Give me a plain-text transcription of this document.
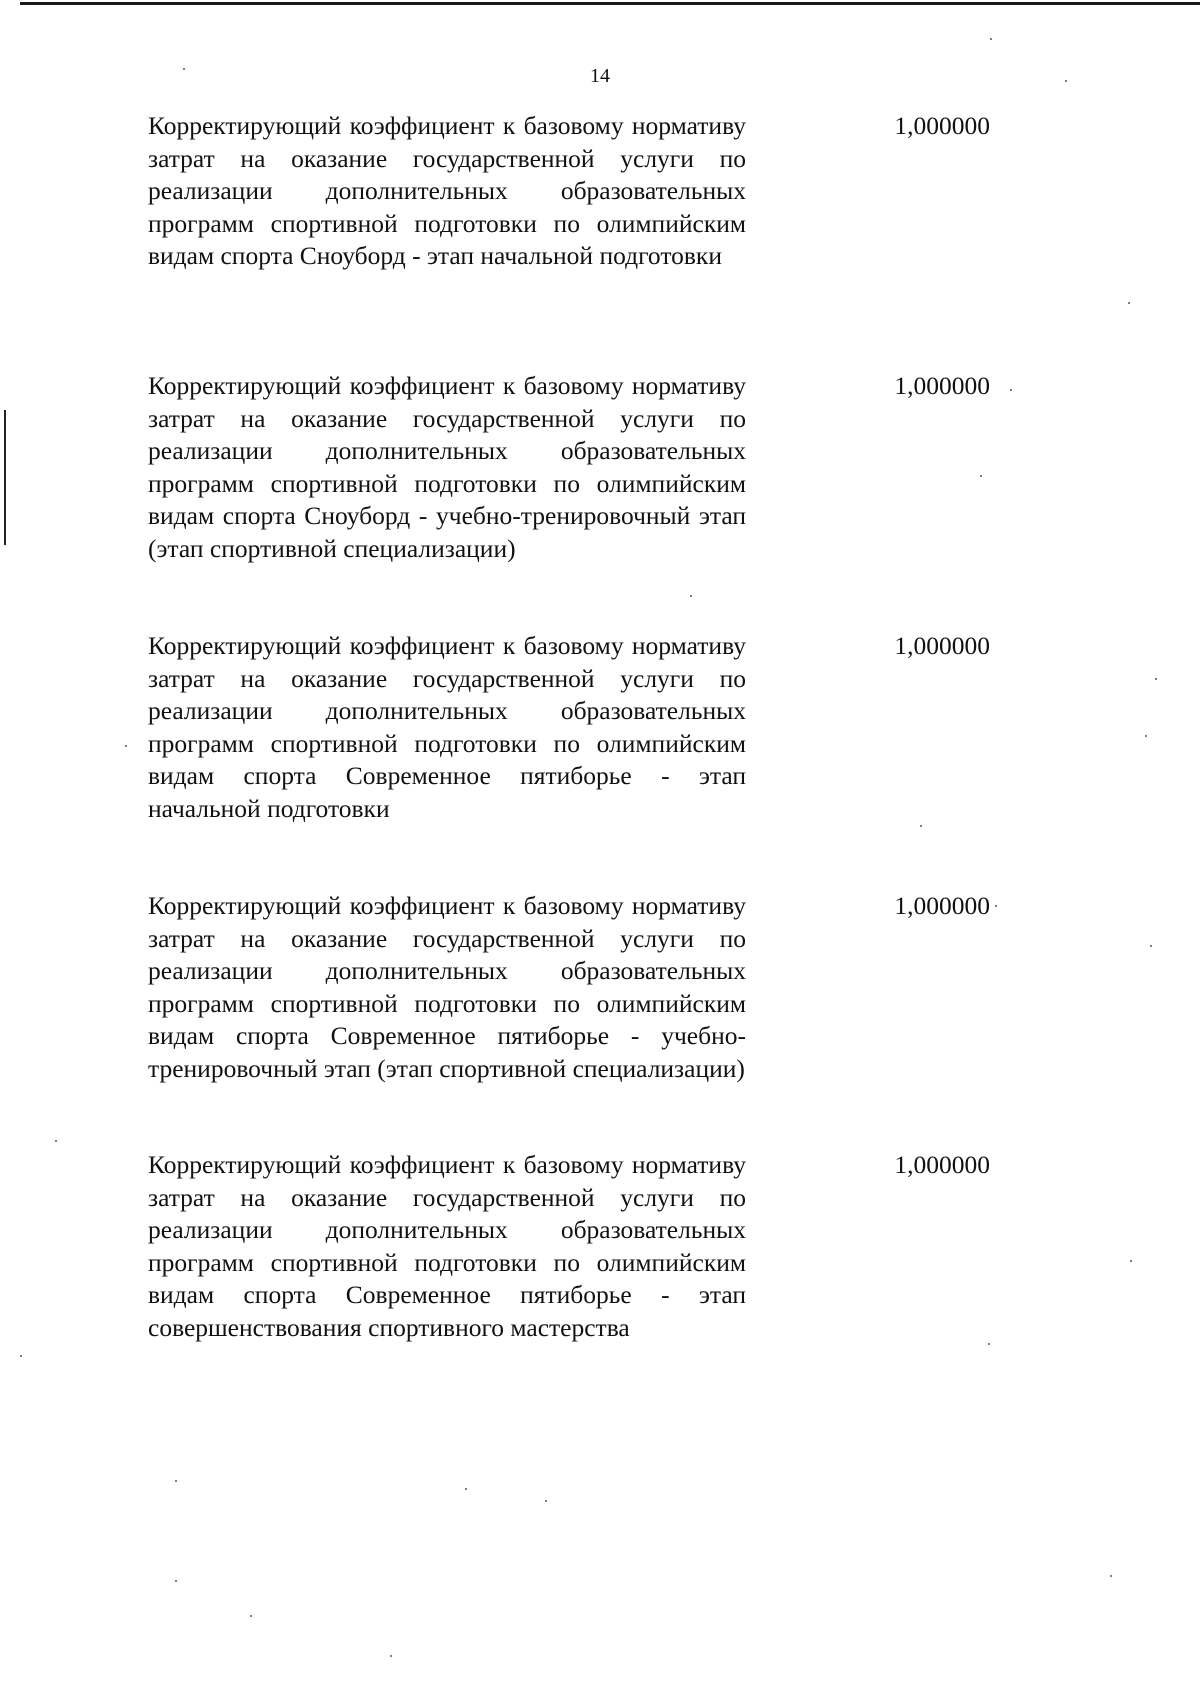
14

Корректирующий коэффициент к базовому нормативу затрат на оказание государственной услуги по реализации дополнительных образовательных программ спортивной подготовки по олимпийским видам спорта Сноуборд - этап начальной подготовки

1,000000

Корректирующий коэффициент к базовому нормативу затрат на оказание государственной услуги по реализации дополнительных образовательных программ спортивной подготовки по олимпийским видам спорта Сноуборд - учебно-тренировочный этап (этап спортивной специализации)

1,000000

Корректирующий коэффициент к базовому нормативу затрат на оказание государственной услуги по реализации дополнительных образовательных программ спортивной подготовки по олимпийским видам спорта Современное пятиборье - этап начальной подготовки

1,000000

Корректирующий коэффициент к базовому нормативу затрат на оказание государственной услуги по реализации дополнительных образовательных программ спортивной подготовки по олимпийским видам спорта Современное пятиборье - учебно-тренировочный этап (этап спортивной специализации)

1,000000

Корректирующий коэффициент к базовому нормативу затрат на оказание государственной услуги по реализации дополнительных образовательных программ спортивной подготовки по олимпийским видам спорта Современное пятиборье - этап совершенствования спортивного мастерства

1,000000
